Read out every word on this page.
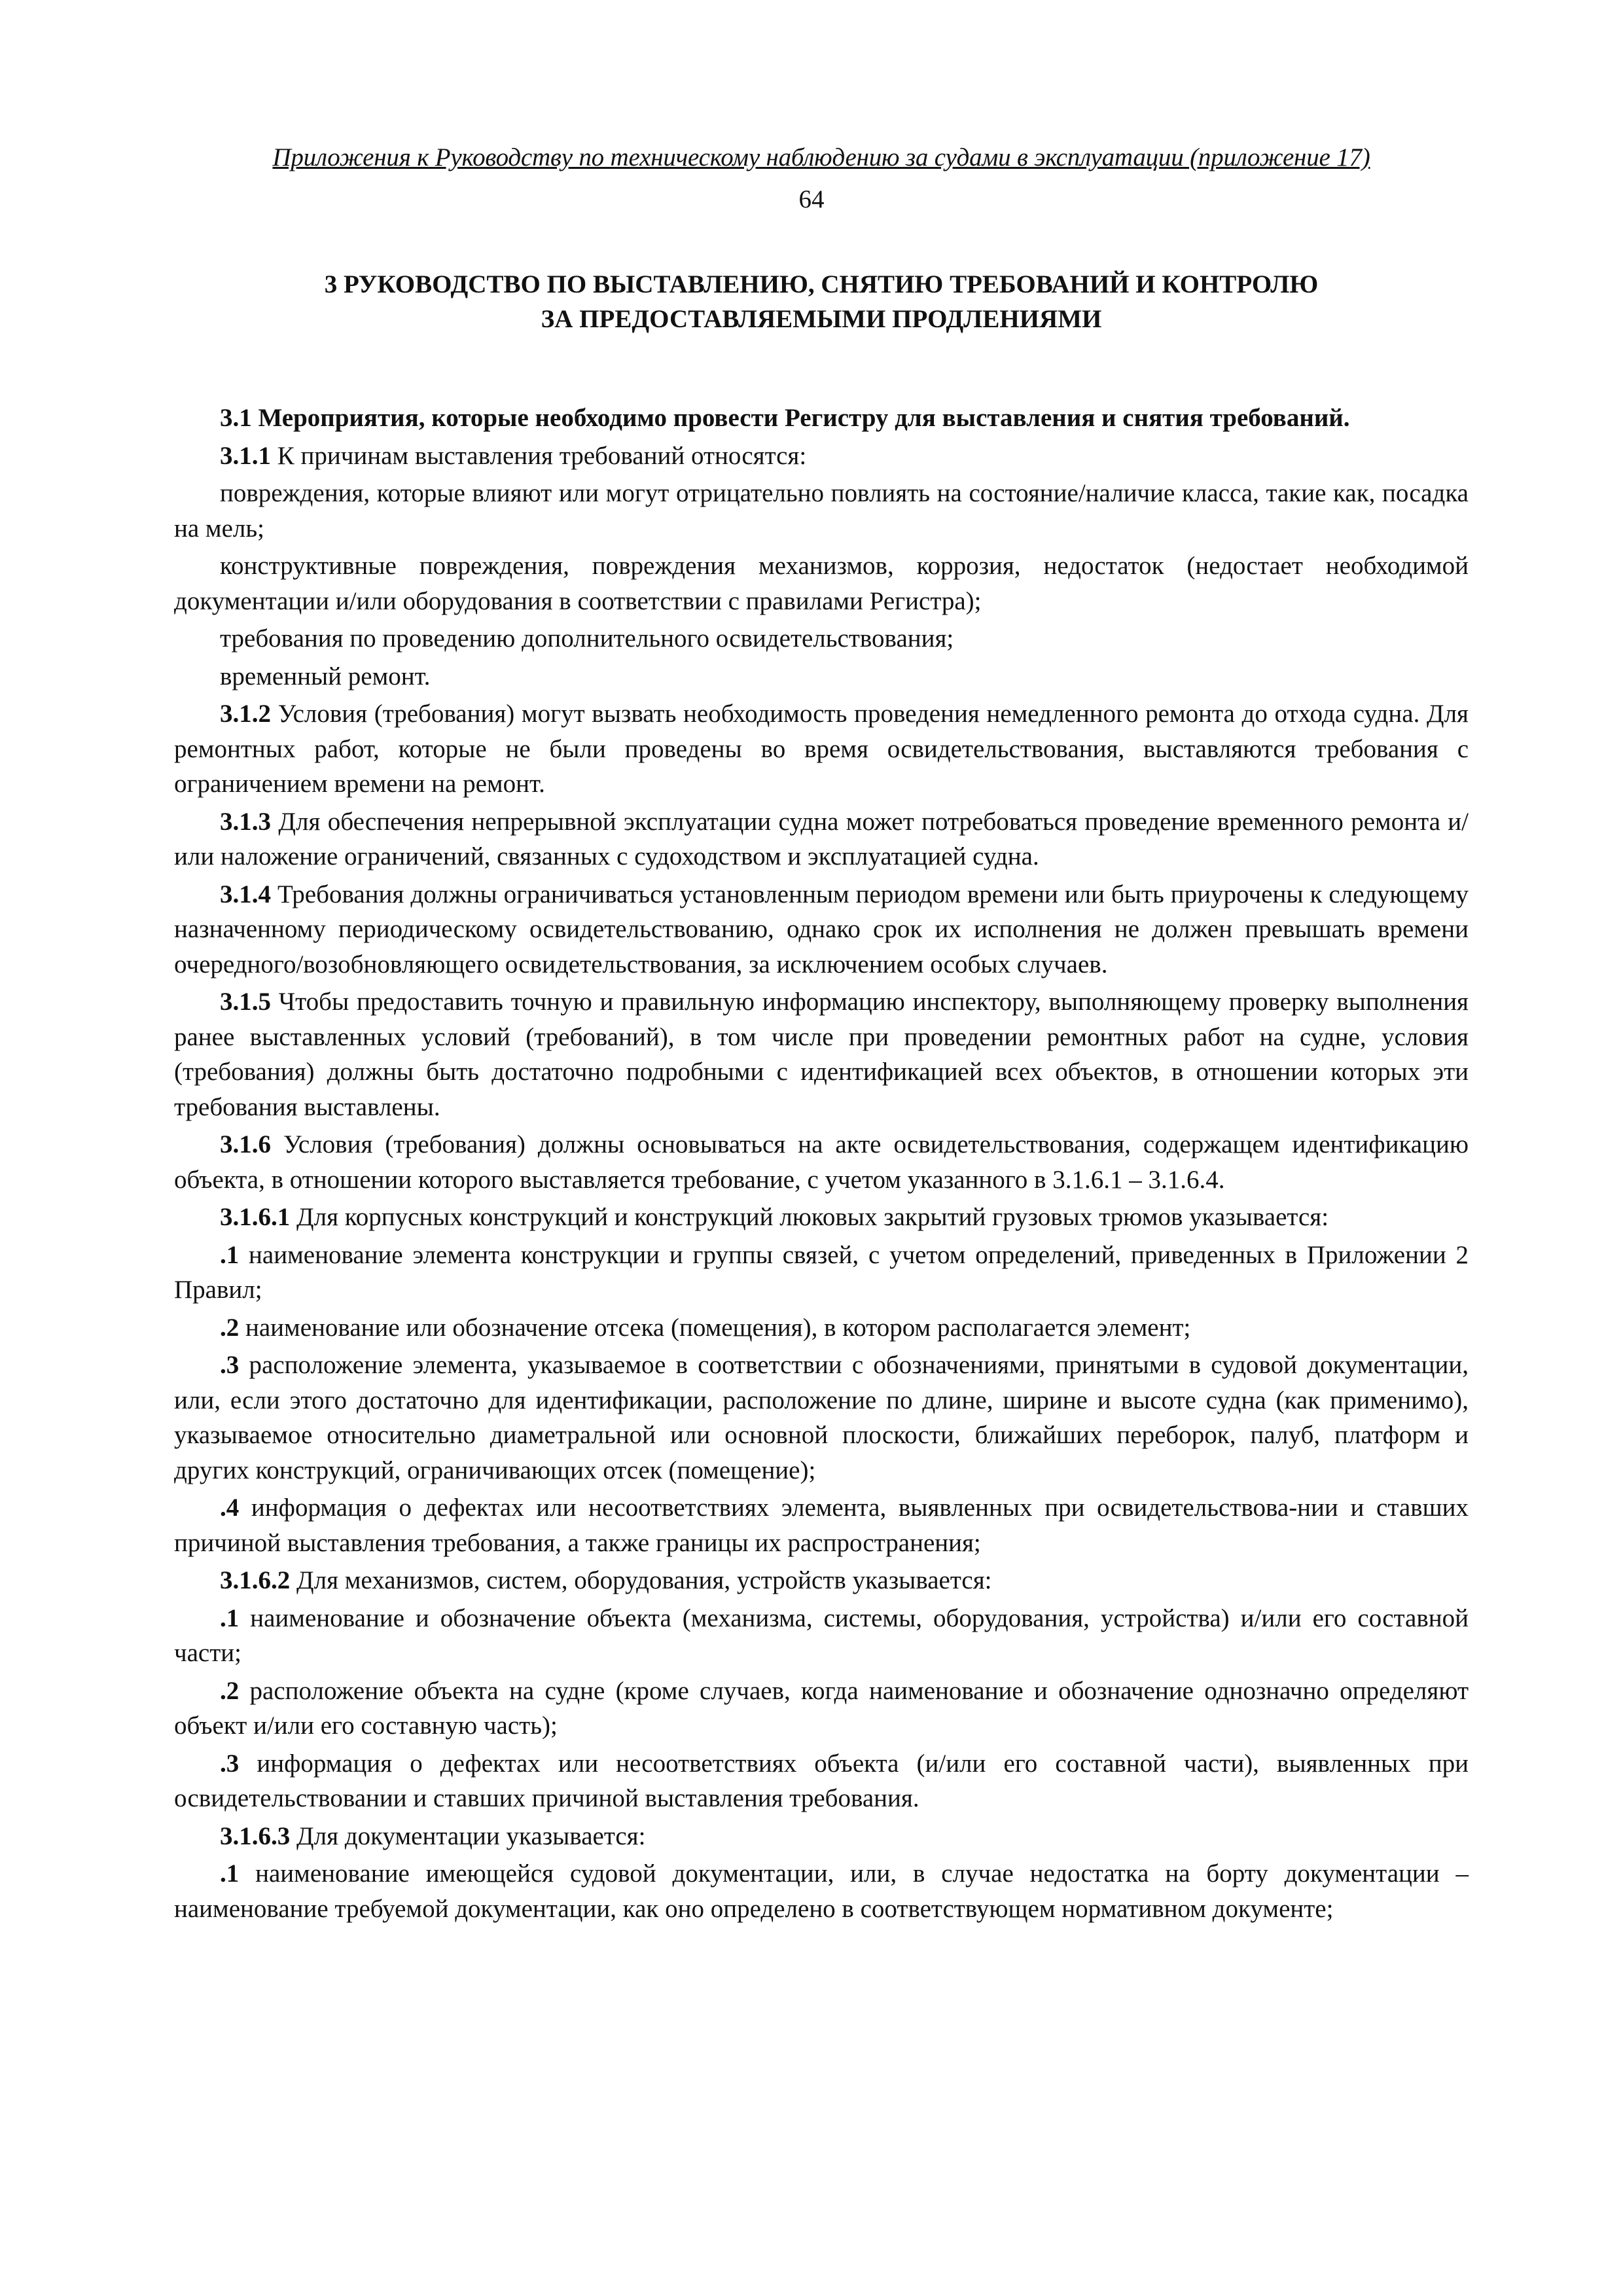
Приложения к Руководству по техническому наблюдению за судами в эксплуатации (приложение 17)
64
3 РУКОВОДСТВО ПО ВЫСТАВЛЕНИЮ, СНЯТИЮ ТРЕБОВАНИЙ И КОНТРОЛЮ
ЗА ПРЕДОСТАВЛЯЕМЫМИ ПРОДЛЕНИЯМИ

3.1 Мероприятия, которые необходимо провести Регистру для выставления и снятия требований.

3.1.1 К причинам выставления требований относятся:

повреждения, которые влияют или могут отрицательно повлиять на состояние/наличие класса, такие как, посадка на мель;

конструктивные повреждения, повреждения механизмов, коррозия, недостаток (недостает необходимой документации и/или оборудования в соответствии с правилами Регистра);

требования по проведению дополнительного освидетельствования;

временный ремонт.

3.1.2 Условия (требования) могут вызвать необходимость проведения немедленного ремонта до отхода судна. Для ремонтных работ, которые не были проведены во время освидетельствования, выставляются требования с ограничением времени на ремонт.

3.1.3 Для обеспечения непрерывной эксплуатации судна может потребоваться проведение временного ремонта и/или наложение ограничений, связанных с судоходством и эксплуатацией судна.

3.1.4 Требования должны ограничиваться установленным периодом времени или быть приурочены к следующему назначенному периодическому освидетельствованию, однако срок их исполнения не должен превышать времени очередного/возобновляющего освидетельствования, за исключением особых случаев.

3.1.5 Чтобы предоставить точную и правильную информацию инспектору, выполняющему проверку выполнения ранее выставленных условий (требований), в том числе при проведении ремонтных работ на судне, условия (требования) должны быть достаточно подробными с идентификацией всех объектов, в отношении которых эти требования выставлены.

3.1.6 Условия (требования) должны основываться на акте освидетельствования, содержащем идентификацию объекта, в отношении которого выставляется требование, с учетом указанного в 3.1.6.1 – 3.1.6.4.

3.1.6.1 Для корпусных конструкций и конструкций люковых закрытий грузовых трюмов указывается:

.1 наименование элемента конструкции и группы связей, с учетом определений, приведенных в Приложении 2 Правил;

.2 наименование или обозначение отсека (помещения), в котором располагается элемент;

.3 расположение элемента, указываемое в соответствии с обозначениями, принятыми в судовой документации, или, если этого достаточно для идентификации, расположение по длине, ширине и высоте судна (как применимо), указываемое относительно диаметральной или основной плоскости, ближайших переборок, палуб, платформ и других конструкций, ограничивающих отсек (помещение);

.4 информация о дефектах или несоответствиях элемента, выявленных при освидетельствова-нии и ставших причиной выставления требования, а также границы их распространения;

3.1.6.2 Для механизмов, систем, оборудования, устройств указывается:

.1 наименование и обозначение объекта (механизма, системы, оборудования, устройства) и/или его составной части;

.2 расположение объекта на судне (кроме случаев, когда наименование и обозначение однозначно определяют объект и/или его составную часть);

.3 информация о дефектах или несоответствиях объекта (и/или его составной части), выявленных при освидетельствовании и ставших причиной выставления требования.

3.1.6.3 Для документации указывается:

.1 наименование имеющейся судовой документации, или, в случае недостатка на борту документации – наименование требуемой документации, как оно определено в соответствующем нормативном документе;
